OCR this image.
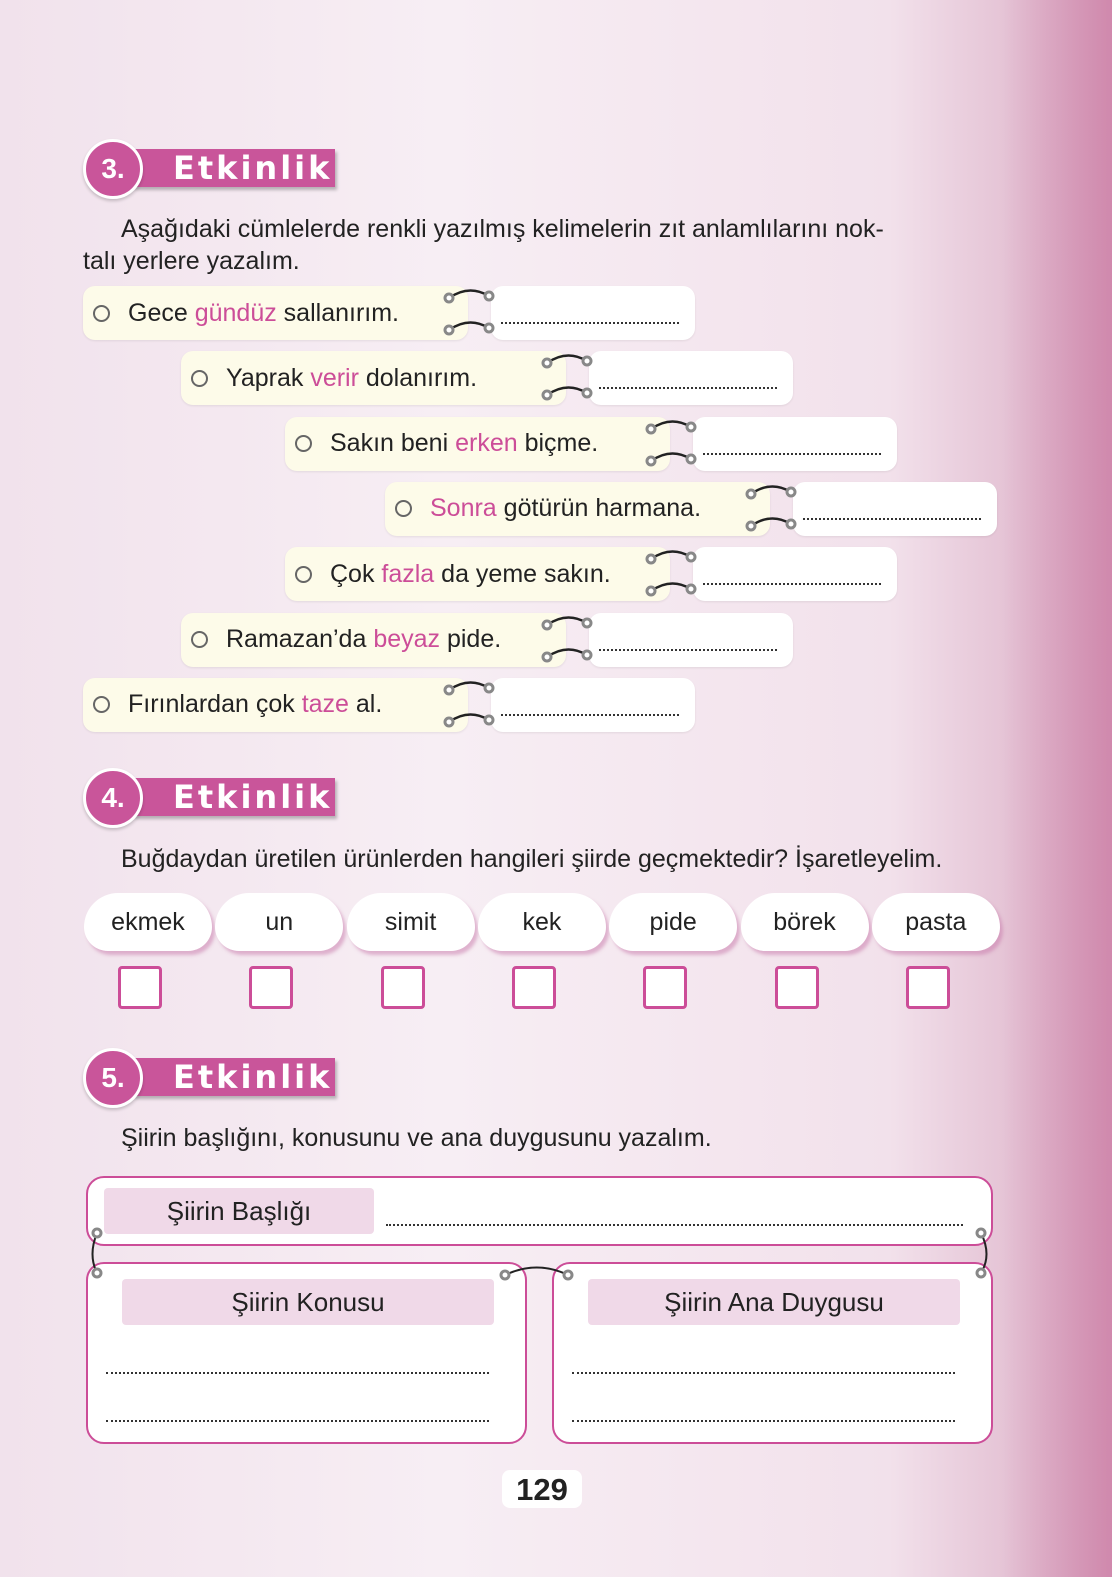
3.	Etkinlik
Aşağıdaki cümlelerde renkli yazılmış kelimelerin zıt anlamlılarını nok-
talı yerlere yazalım.
Gece gündüz sallanırım.
Yaprak verir dolanırım.
Sakın beni erken biçme.
Sonra götürün harmana.
Çok fazla da yeme sakın.
Ramazan’da beyaz pide.
Fırınlardan çok taze al.
4.	Etkinlik
Buğdaydan üretilen ürünlerden hangileri şiirde geçmektedir? İşaretleyelim.
ekmek	un	simit	kek	pide	börek	pasta
5.	Etkinlik
Şiirin başlığını, konusunu ve ana duygusunu yazalım.
Şiirin Başlığı
Şiirin Konusu	Şiirin Ana Duygusu
129
